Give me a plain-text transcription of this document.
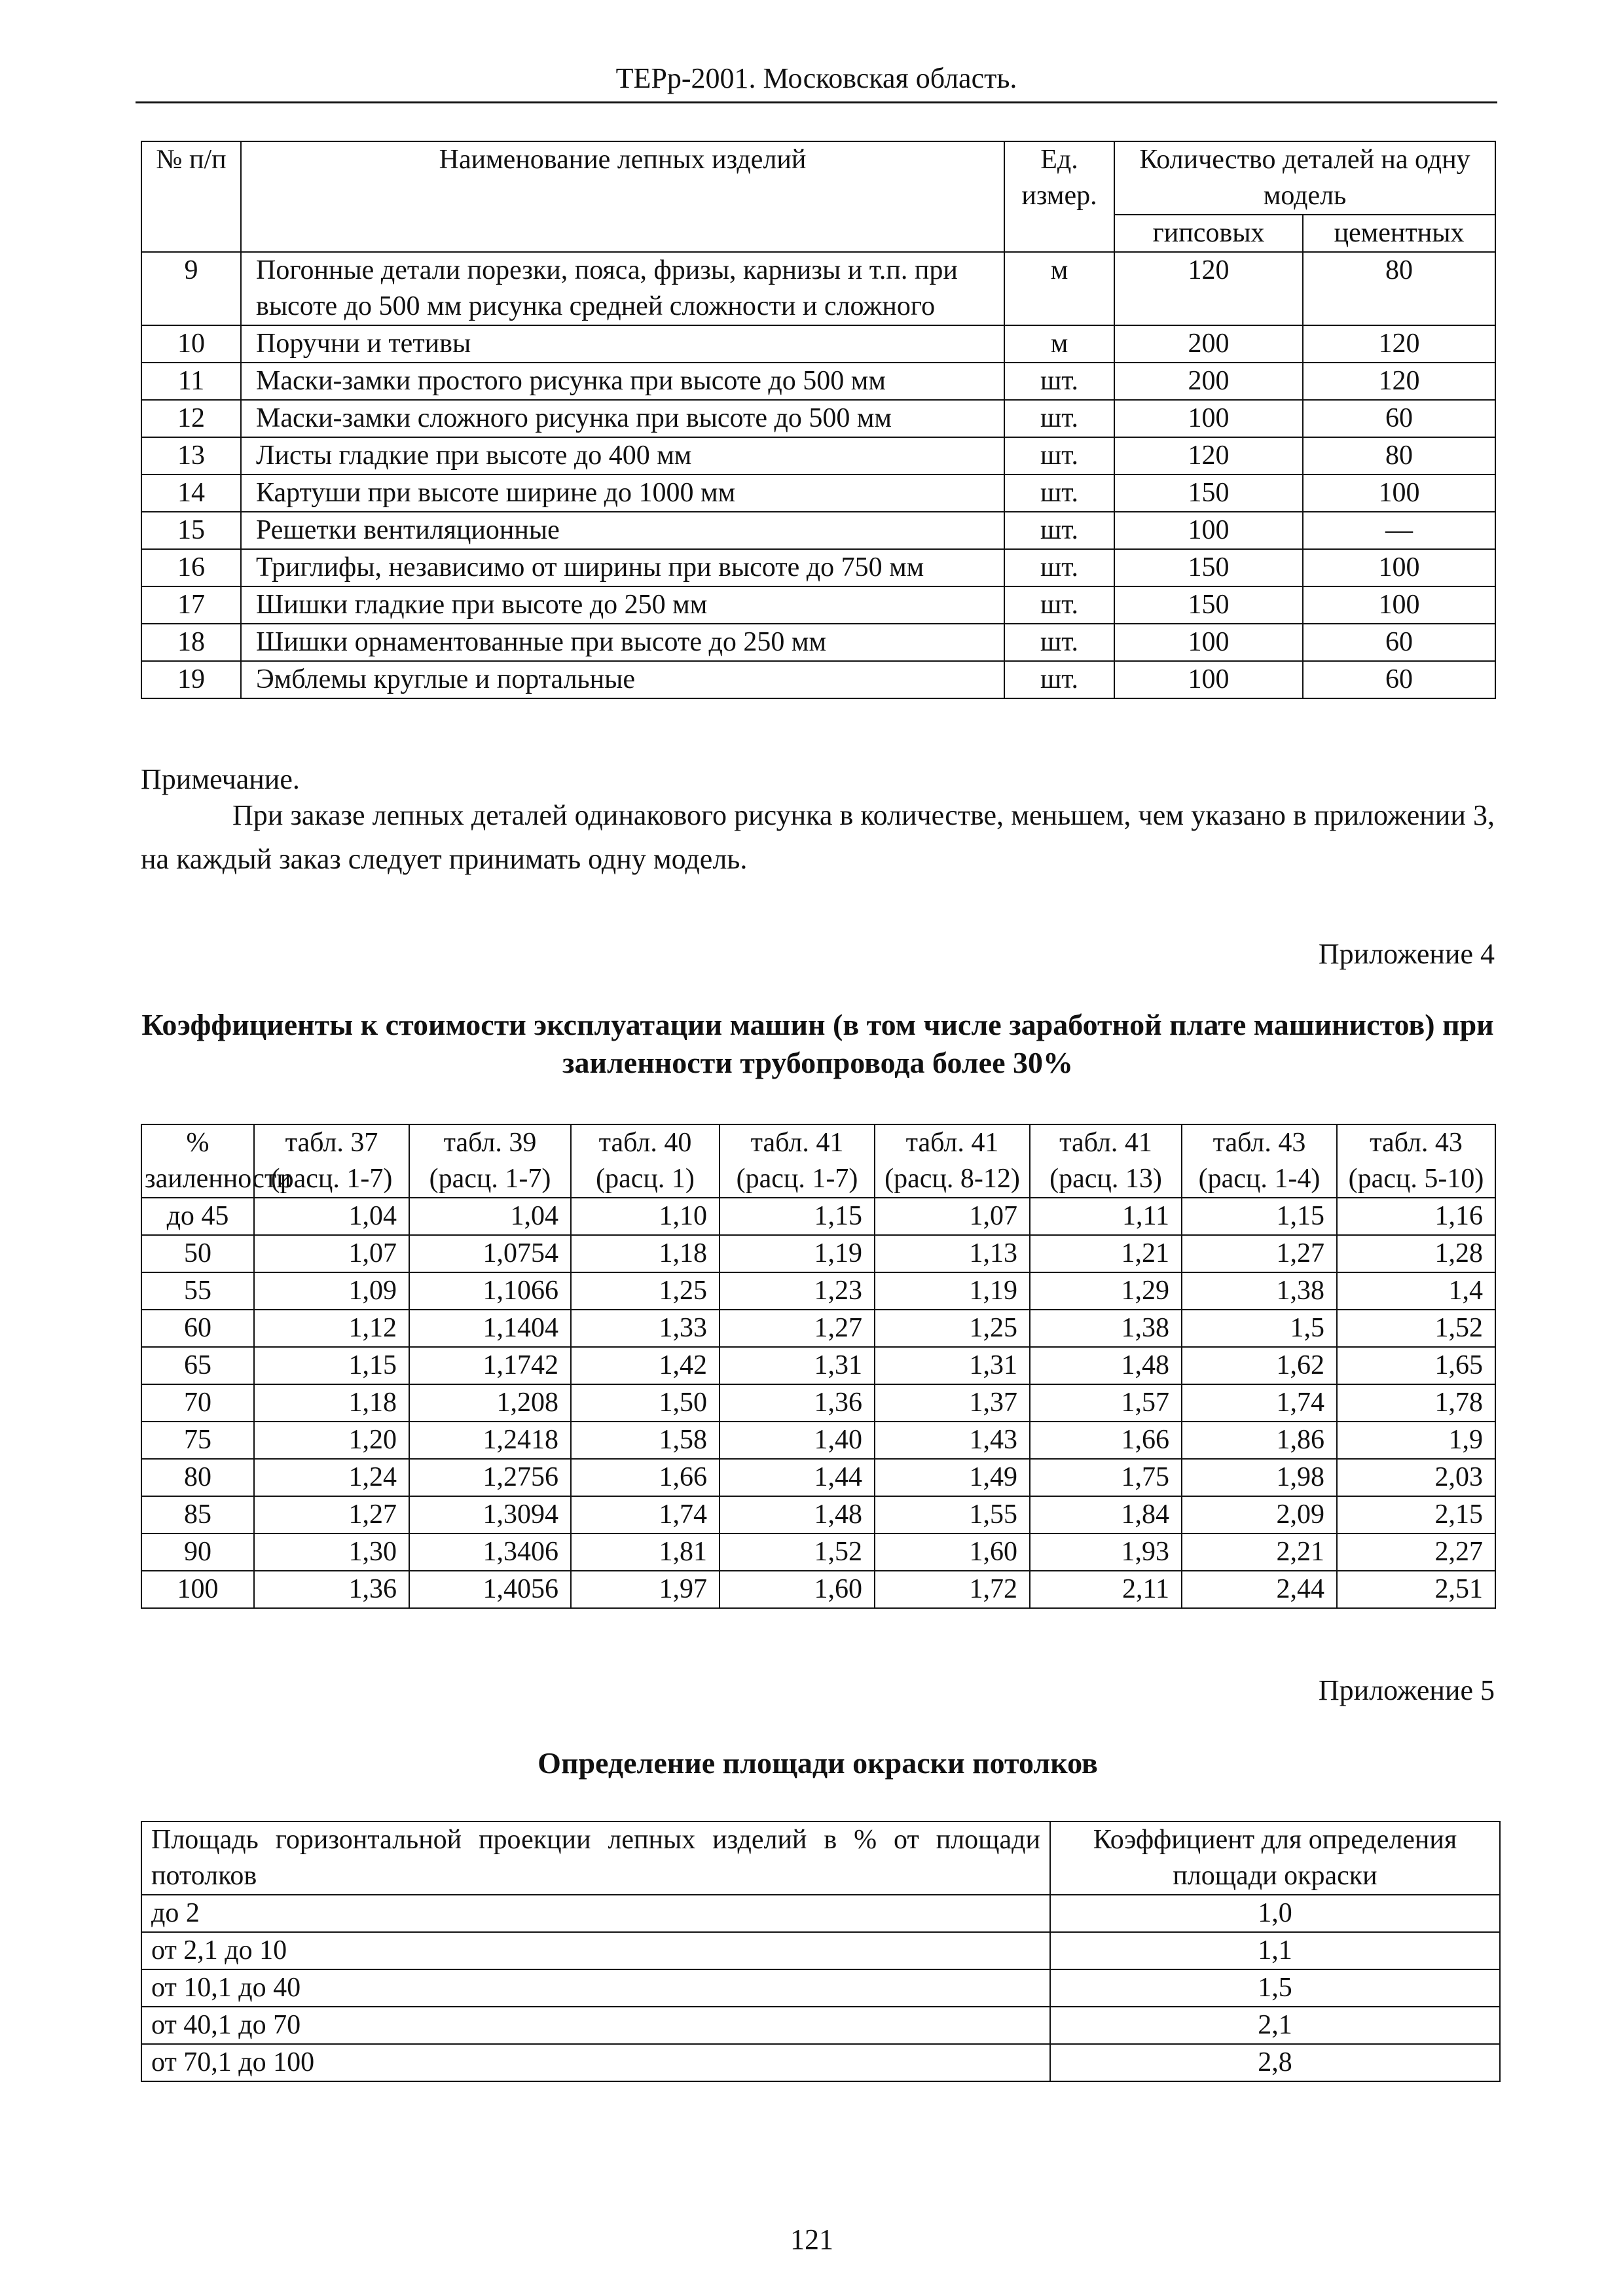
ТЕРр-2001. Московская область.
№ п/п	Наименование лепных изделий	Ед. измер.	Количество деталей на одну модель	
			гипсовых	цементных
9	Погонные детали порезки, пояса, фризы, карнизы и т.п. при высоте до 500 мм рисунка средней сложности и сложного	м	120	80
10	Поручни и тетивы	м	200	120
11	Маски-замки простого рисунка при высоте до 500 мм	шт.	200	120
12	Маски-замки сложного рисунка при высоте до 500 мм	шт.	100	60
13	Листы гладкие при высоте до 400 мм	шт.	120	80
14	Картуши при высоте ширине до 1000 мм	шт.	150	100
15	Решетки вентиляционные	шт.	100	—
16	Триглифы, независимо от ширины при высоте до 750 мм	шт.	150	100
17	Шишки гладкие при высоте до 250 мм	шт.	150	100
18	Шишки орнаментованные при высоте до 250 мм	шт.	100	60
19	Эмблемы круглые и портальные	шт.	100	60
Примечание.
При заказе лепных деталей одинакового рисунка в количестве, меньшем, чем указано в приложении 3, на каждый заказ следует принимать одну модель.
Приложение 4
Коэффициенты к стоимости эксплуатации машин (в том числе заработной плате машинистов) при заиленности трубопровода более 30%
% заиленности	табл. 37 (расц. 1-7)	табл. 39 (расц. 1-7)	табл. 40 (расц. 1)	табл. 41 (расц. 1-7)	табл. 41 (расц. 8-12)	табл. 41 (расц. 13)	табл. 43 (расц. 1-4)	табл. 43 (расц. 5-10)
до 45	1,04	1,04	1,10	1,15	1,07	1,11	1,15	1,16
50	1,07	1,0754	1,18	1,19	1,13	1,21	1,27	1,28
55	1,09	1,1066	1,25	1,23	1,19	1,29	1,38	1,4
60	1,12	1,1404	1,33	1,27	1,25	1,38	1,5	1,52
65	1,15	1,1742	1,42	1,31	1,31	1,48	1,62	1,65
70	1,18	1,208	1,50	1,36	1,37	1,57	1,74	1,78
75	1,20	1,2418	1,58	1,40	1,43	1,66	1,86	1,9
80	1,24	1,2756	1,66	1,44	1,49	1,75	1,98	2,03
85	1,27	1,3094	1,74	1,48	1,55	1,84	2,09	2,15
90	1,30	1,3406	1,81	1,52	1,60	1,93	2,21	2,27
100	1,36	1,4056	1,97	1,60	1,72	2,11	2,44	2,51
Приложение 5
Определение площади окраски потолков
Площадь горизонтальной проекции лепных изделий в % от площади потолков	Коэффициент для определения площади окраски
до 2	1,0
от 2,1 до 10	1,1
от 10,1 до 40	1,5
от 40,1 до 70	2,1
от 70,1 до 100	2,8
121
